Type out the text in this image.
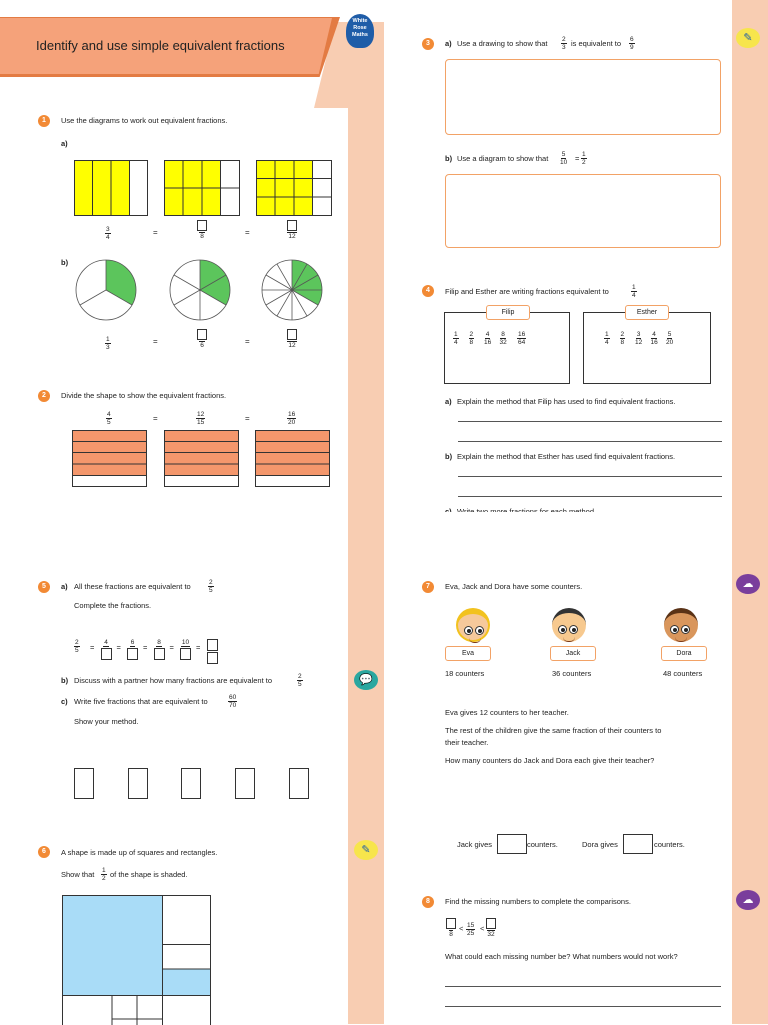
Identify and use simple equivalent fractions
White
Rose
Maths
1	Use the diagrams to work out equivalent fractions.
a)
$\frac{3}{4}$	=	8	=	12
b)
$\frac{1}{3}$	=	6	=	12
2	Divide the shape to show the equivalent fractions.
$\frac{4}{5}$	=	$\frac{12}{15}$	=	$\frac{16}{20}$
✎
3	a) Use a drawing to show that $\frac{2}{3}$ is equivalent to $\frac{6}{9}$
b) Use a diagram to show that $\frac{5}{10} = \frac{1}{2}$
4	Filip and Esther are writing fractions equivalent to	$\frac{1}{4}$
Filip	Esther
a) Explain the method that Filip has used to find equivalent fractions.
b) Explain the method that Esther has used find equivalent fractions.
$\frac{1}{4} \frac{2}{8} \frac{4}{16} \frac{8}{32} \frac{16}{64}$	$\frac{1}{4} \frac{2}{8} \frac{3}{12} \frac{4}{16} \frac{5}{20}$
💬
✎
5	a) All these fractions are equivalent to	$\frac{2}{5}$
Complete the fractions.
b) Discuss with a partner how many fractions are equivalent to	$\frac{2}{5}$
c) Write five fractions that are equivalent to	$\frac{60}{70}$
Show your method.
6	A shape is made up of squares and rectangles.
Show that $\frac{1}{2}$ of the shape is shaded.
$\frac{2}{5}$ =
4
=
6
=
8
=
10
=
☁
☁
7	Eva, Jack and Dora have some counters.
Eva	Jack	Dora
18 counters	36 counters	48 counters
Eva gives 12 counters to her teacher.
The rest of the children give the same fraction of their counters to
their teacher.
How many counters do Jack and Dora each give their teacher?
Jack gives	counters.	Dora gives	counters.
8	Find the missing numbers to complete the comparisons.
8
< $\frac{15}{25}$ <
32
What could each missing number be? What numbers would not work?
